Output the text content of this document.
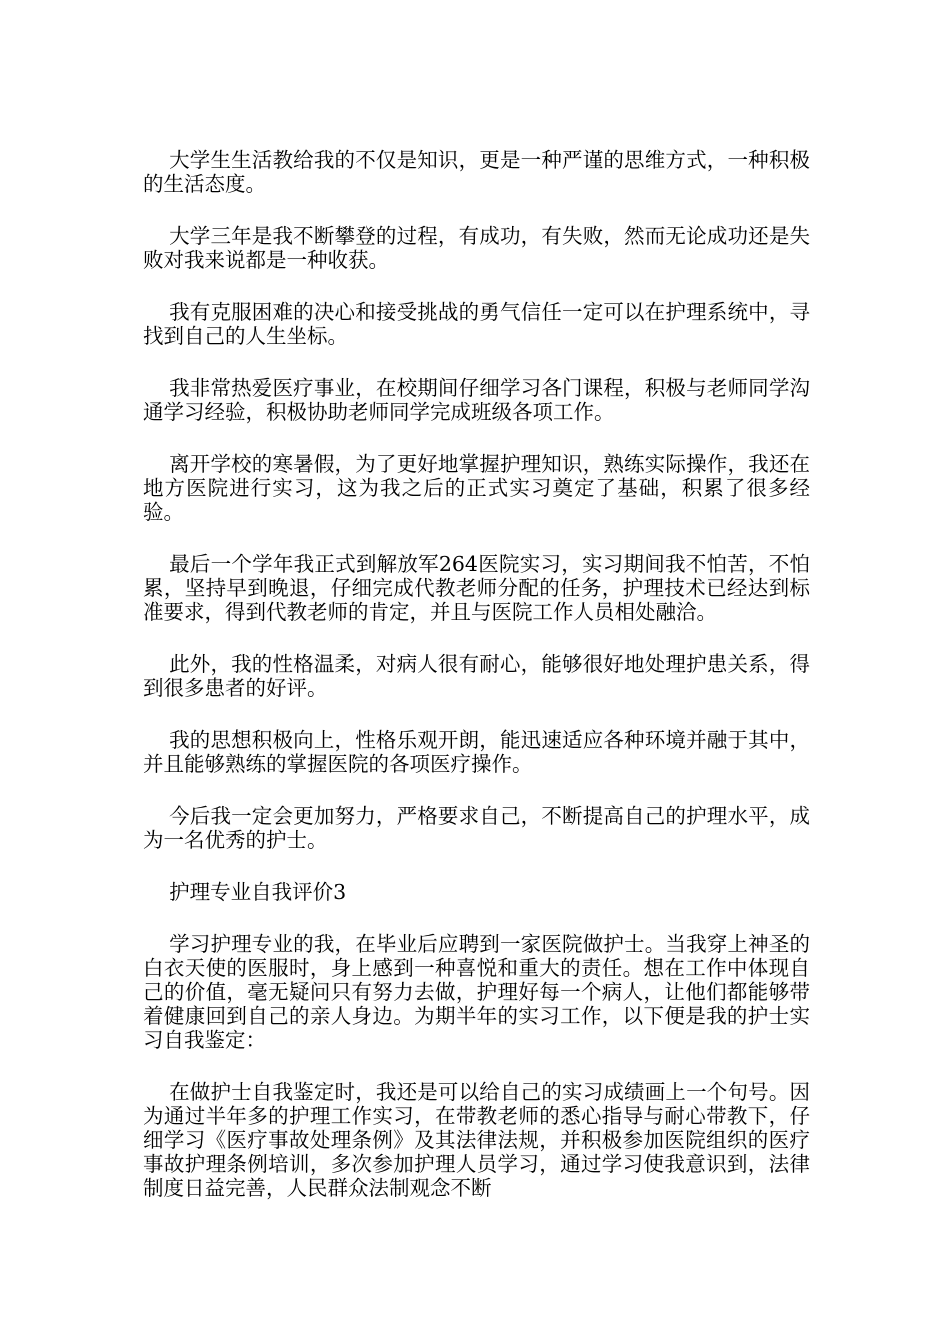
大学生生活教给我的不仅是知识，更是一种严谨的思维方式，一种积极的生活态度。

大学三年是我不断攀登的过程，有成功，有失败，然而无论成功还是失败对我来说都是一种收获。

我有克服困难的决心和接受挑战的勇气信任一定可以在护理系统中，寻找到自己的人生坐标。

我非常热爱医疗事业，在校期间仔细学习各门课程，积极与老师同学沟通学习经验，积极协助老师同学完成班级各项工作。

离开学校的寒暑假，为了更好地掌握护理知识，熟练实际操作，我还在地方医院进行实习，这为我之后的正式实习奠定了基础，积累了很多经验。

最后一个学年我正式到解放军264医院实习，实习期间我不怕苦，不怕累，坚持早到晚退，仔细完成代教老师分配的任务，护理技术已经达到标准要求，得到代教老师的肯定，并且与医院工作人员相处融洽。

此外，我的性格温柔，对病人很有耐心，能够很好地处理护患关系，得到很多患者的好评。

我的思想积极向上，性格乐观开朗，能迅速适应各种环境并融于其中，并且能够熟练的掌握医院的各项医疗操作。

今后我一定会更加努力，严格要求自己，不断提高自己的护理水平，成为一名优秀的护士。

护理专业自我评价3

学习护理专业的我，在毕业后应聘到一家医院做护士。当我穿上神圣的白衣天使的医服时，身上感到一种喜悦和重大的责任。想在工作中体现自己的价值，毫无疑问只有努力去做，护理好每一个病人，让他们都能够带着健康回到自己的亲人身边。为期半年的实习工作，以下便是我的护士实习自我鉴定：

在做护士自我鉴定时，我还是可以给自己的实习成绩画上一个句号。因为通过半年多的护理工作实习，在带教老师的悉心指导与耐心带教下，仔细学习《医疗事故处理条例》及其法律法规，并积极参加医院组织的医疗事故护理条例培训，多次参加护理人员学习，通过学习使我意识到，法律制度日益完善，人民群众法制观念不断
